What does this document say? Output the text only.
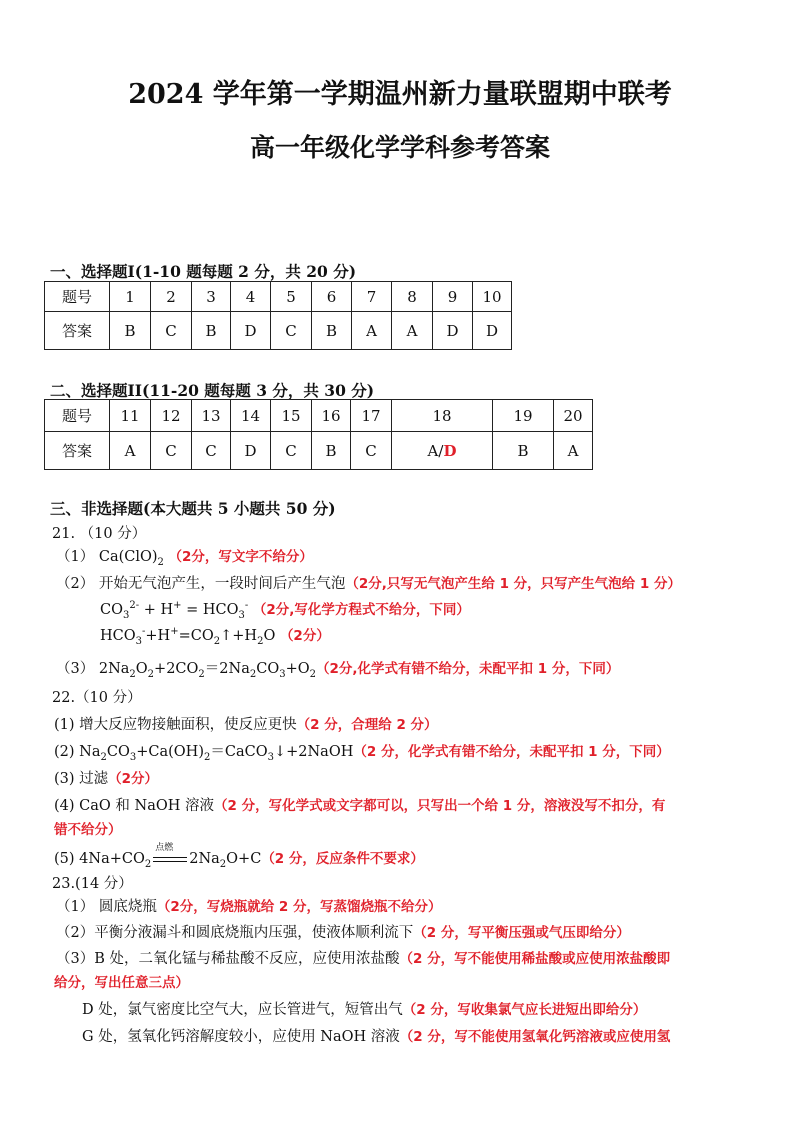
2024 学年第一学期温州新力量联盟期中联考
高一年级化学学科参考答案
一、选择题I(1-10 题每题 2 分，共 20 分)
题号	1	2	3	4	5	6	7	8	9	10
答案	B	C	B	D	C	B	A	A	D	D
二、选择题II(11-20 题每题 3 分，共 30 分)
题号	11	12	13	14	15	16	17	18	19	20
答案	A	C	C	D	C	B	C	A/D	B	A
三、非选择题(本大题共 5 小题共 50 分)
21. （10 分）
（1） $Ca(ClO)_2$ （2分，写文字不给分）
（2） 开始无气泡产生，一段时间后产生气泡（2分,只写无气泡产生给 1 分，只写产生气泡给 1 分）
$CO_3^{2-} + H^+ = HCO_3^-$ （2分,写化学方程式不给分，下同）
$HCO_3^-+H^+=CO_2↑+H_2O$ （2分）
（3） $2Na_2O_2+2CO_2=2Na_2CO_3+O_2(2$分,化学式有错不给分，未配平扣 1 分，下同）
22.（10 分）
(1) 增大反应物接触面积，使反应更快（2 分，合理给 2 分）
(2) $Na_2CO_3+Ca(OH)_2=CaCO_3↓+2NaOH(2$ 分，化学式有错不给分，未配平扣 1 分，下同）
(3) 过滤（2分）
(4) CaO 和 NaOH 溶液（2 分，写化学式或文字都可以，只写出一个给 1 分，溶液没写不扣分，有
错不给分）
(5) $4Na+CO_2$
点燃
$2Na_2O+C(2$ 分，反应条件不要求）
23.(14 分）
（1） 圆底烧瓶（2分，写烧瓶就给 2 分，写蒸馏烧瓶不给分）
（2）平衡分液漏斗和圆底烧瓶内压强，使液体顺利流下（2 分，写平衡压强或气压即给分）
（3）B 处，二氧化锰与稀盐酸不反应，应使用浓盐酸（2 分，写不能使用稀盐酸或应使用浓盐酸即
给分，写出任意三点）
D 处，氯气密度比空气大，应长管进气，短管出气（2 分，写收集氯气应长进短出即给分）
G 处，氢氧化钙溶解度较小，应使用 NaOH 溶液（2 分，写不能使用氢氧化钙溶液或应使用氢
